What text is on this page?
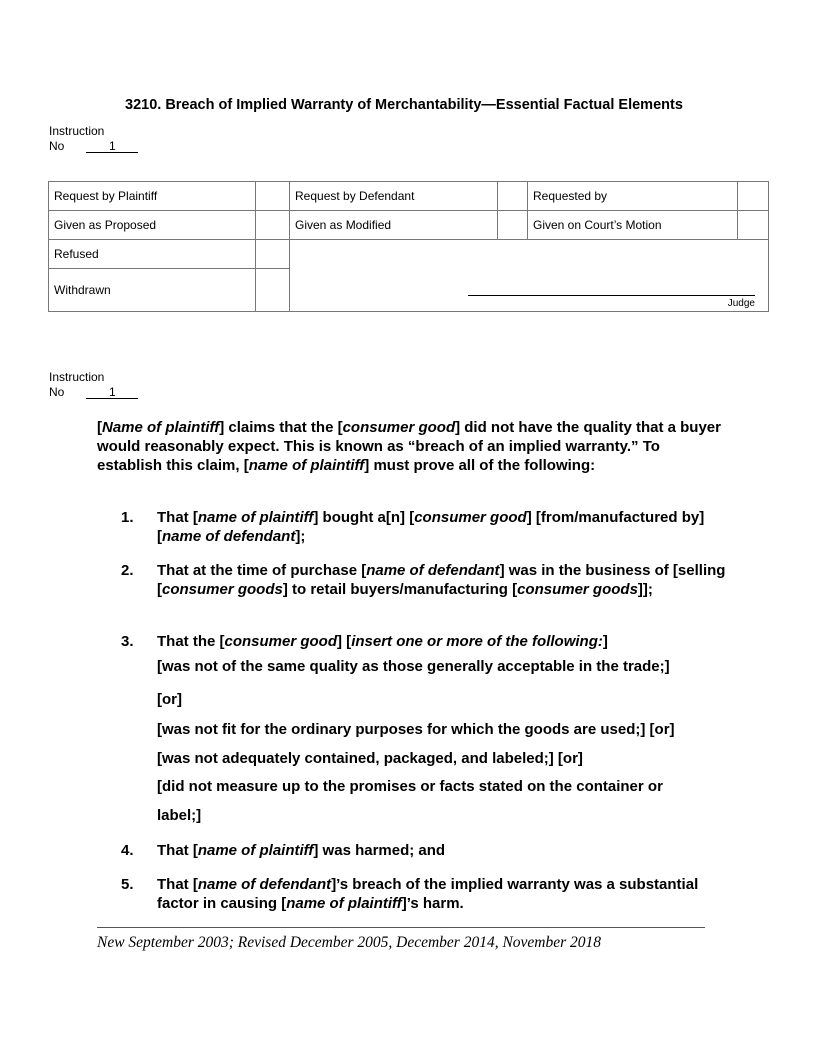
3210. Breach of Implied Warranty of Merchantability—Essential Factual Elements
Instruction
No	1
Request by Plaintiff		Request by Defendant		Requested by	
Given as Proposed		Given as Modified		Given on Court’s Motion	
Refused		Judge			

Withdrawn					
Instruction
No	1
[Name of plaintiff] claims that the [consumer good] did not have the quality that a buyer would reasonably expect. This is known as “breach of an implied warranty.” To establish this claim, [name of plaintiff] must prove all of the following:
1. That [name of plaintiff] bought a[n] [consumer good] [from/manufactured by] [name of defendant];
2. That at the time of purchase [name of defendant] was in the business of [selling [consumer goods] to retail buyers/manufacturing [consumer goods]];
3. That the [consumer good] [insert one or more of the following:]
[was not of the same quality as those generally acceptable in the trade;]
[or]
[was not fit for the ordinary purposes for which the goods are used;] [or]
[was not adequately contained, packaged, and labeled;] [or]
[did not measure up to the promises or facts stated on the container or
label;]
4. That [name of plaintiff] was harmed; and
5. That [name of defendant]’s breach of the implied warranty was a substantial factor in causing [name of plaintiff]’s harm.
New September 2003; Revised December 2005, December 2014, November 2018
